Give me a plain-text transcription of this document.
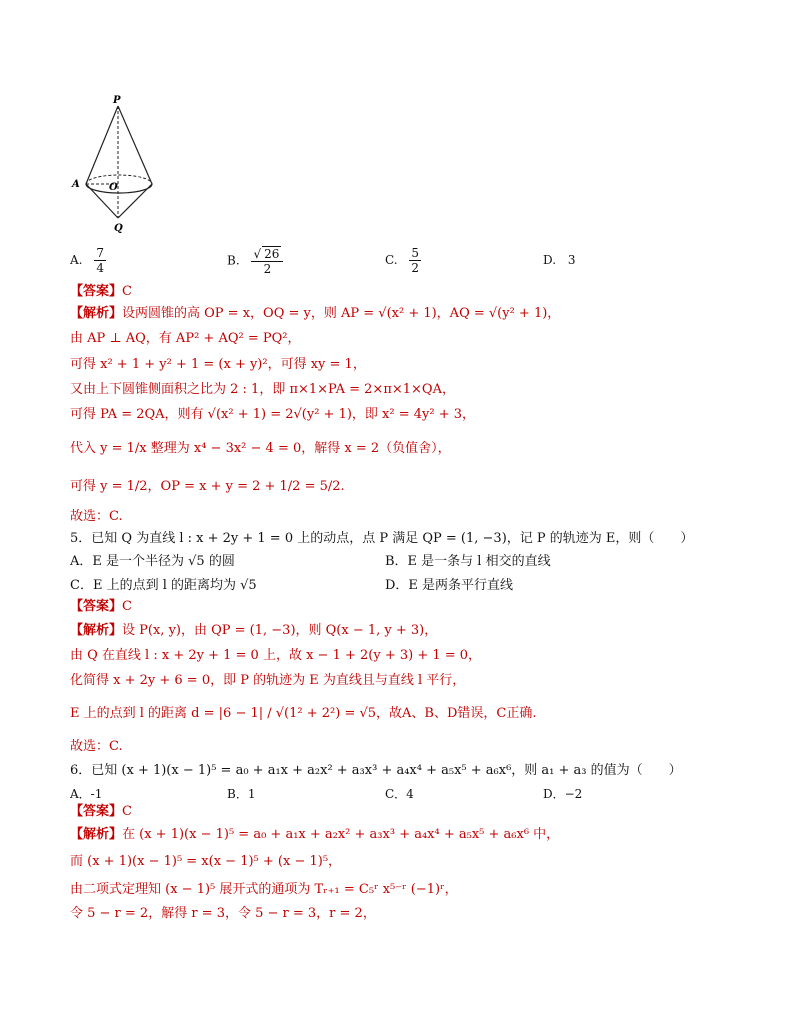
P
A	O
Q
A. $\frac{7}{4}$	B. $\frac{√ 26}{2}$	C. $\frac{5}{2}$	D. 3
【答案】C
【解析】设两圆锥的高 OP = x，OQ = y，则 AP = √(x² + 1)，AQ = √(y² + 1)，
由 AP ⊥ AQ，有 AP² + AQ² = PQ²，
可得 x² + 1 + y² + 1 = (x + y)²，可得 xy = 1，
又由上下圆锥侧面积之比为 2 : 1，即 π×1×PA = 2×π×1×QA，
可得 PA = 2QA，则有 √(x² + 1) = 2√(y² + 1)，即 x² = 4y² + 3，
代入 y = 1/x 整理为 x⁴ − 3x² − 4 = 0，解得 x = 2（负值舍），
可得 y = 1/2，OP = x + y = 2 + 1/2 = 5/2.
故选：C.
5．已知 Q 为直线 l : x + 2y + 1 = 0 上的动点，点 P 满足 QP = (1, −3)，记 P 的轨迹为 E，则（　　）
A．E 是一个半径为 √5 的圆	B．E 是一条与 l 相交的直线
C．E 上的点到 l 的距离均为 √5	D．E 是两条平行直线
【答案】C
【解析】设 P(x, y)，由 QP = (1, −3)，则 Q(x − 1, y + 3)，
由 Q 在直线 l : x + 2y + 1 = 0 上，故 x − 1 + 2(y + 3) + 1 = 0，
化简得 x + 2y + 6 = 0，即 P 的轨迹为 E 为直线且与直线 l 平行，
E 上的点到 l 的距离 d = |6 − 1| / √(1² + 2²) = √5，故A、B、D错误，C正确.
故选：C.
6．已知 (x + 1)(x − 1)⁵ = a₀ + a₁x + a₂x² + a₃x³ + a₄x⁴ + a₅x⁵ + a₆x⁶，则 a₁ + a₃ 的值为（　　）
A．-1	B．1	C．4	D．−2
【答案】C
【解析】在 (x + 1)(x − 1)⁵ = a₀ + a₁x + a₂x² + a₃x³ + a₄x⁴ + a₅x⁵ + a₆x⁶ 中，
而 (x + 1)(x − 1)⁵ = x(x − 1)⁵ + (x − 1)⁵，
由二项式定理知 (x − 1)⁵ 展开式的通项为 Tᵣ₊₁ = C₅ʳ x⁵⁻ʳ (−1)ʳ，
令 5 − r = 2，解得 r = 3，令 5 − r = 3，r = 2，
